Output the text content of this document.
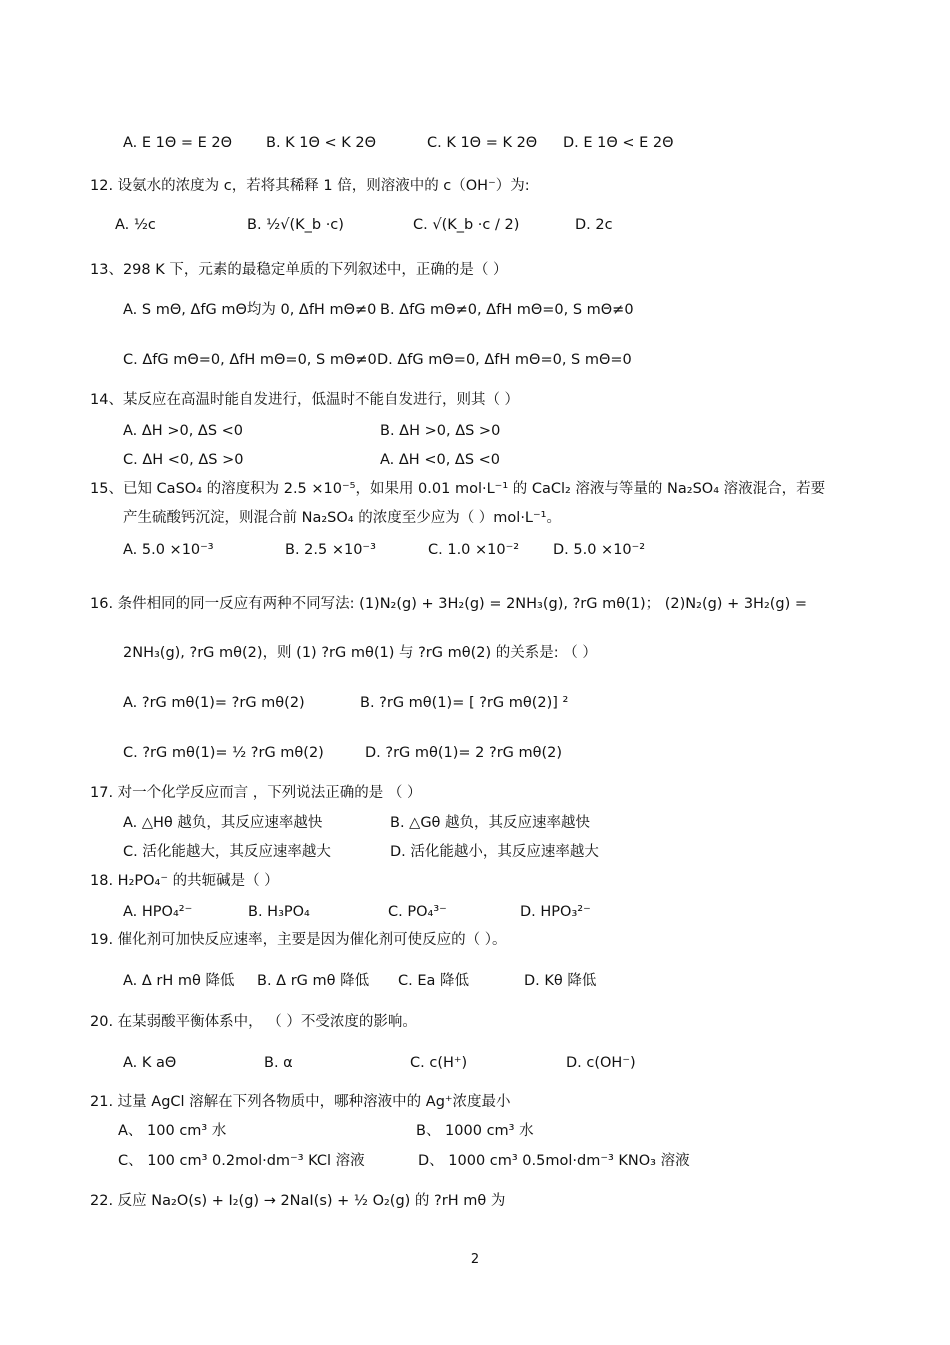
A. E 1Θ = E 2Θ B. K 1Θ < K 2Θ	C. K 1Θ = K 2Θ D. E 1Θ < E 2Θ
12. 设氨水的浓度为 c，若将其稀释 1 倍，则溶液中的 c（OH⁻）为:
A. ½c	B. ½√(K_b ·c)	C. √(K_b ·c / 2)	D. 2c
13、298 K 下，元素的最稳定单质的下列叙述中，正确的是（ ）
A. S mΘ, ΔfG mΘ均为 0, ΔfH mΘ≠0 B. ΔfG mΘ≠0, ΔfH mΘ=0, S mΘ≠0
C. ΔfG mΘ=0, ΔfH mΘ=0, S mΘ≠0 D. ΔfG mΘ=0, ΔfH mΘ=0, S mΘ=0
14、某反应在高温时能自发进行，低温时不能自发进行，则其（ ）
A. ΔH >0, ΔS <0	B. ΔH >0, ΔS >0
C. ΔH <0, ΔS >0	A. ΔH <0, ΔS <0
15、已知 CaSO₄ 的溶度积为 2.5 ×10⁻⁵，如果用 0.01 mol·L⁻¹ 的 CaCl₂ 溶液与等量的 Na₂SO₄ 溶液混合，若要
产生硫酸钙沉淀，则混合前 Na₂SO₄ 的浓度至少应为（ ）mol·L⁻¹。
A. 5.0 ×10⁻³	B. 2.5 ×10⁻³	C. 1.0 ×10⁻² D. 5.0 ×10⁻²
16. 条件相同的同一反应有两种不同写法: (1)N₂(g) + 3H₂(g) = 2NH₃(g), ?rG mθ(1)； (2)N₂(g) + 3H₂(g) =
2NH₃(g), ?rG mθ(2)，则 (1) ?rG mθ(1) 与 ?rG mθ(2) 的关系是: （ ）
A. ?rG mθ(1)= ?rG mθ(2)	B. ?rG mθ(1)= [ ?rG mθ(2)] ²
C. ?rG mθ(1)= ½ ?rG mθ(2)	D. ?rG mθ(1)= 2 ?rG mθ(2)
17. 对一个化学反应而言 ，下列说法正确的是 （ ）
A. △Hθ 越负，其反应速率越快	B. △Gθ 越负，其反应速率越快
C. 活化能越大，其反应速率越大	D. 活化能越小，其反应速率越大
18. H₂PO₄⁻ 的共轭碱是（ ）
A. HPO₄²⁻	B. H₃PO₄	C. PO₄³⁻	D. HPO₃²⁻
19. 催化剂可加快反应速率，主要是因为催化剂可使反应的（ ）。
A. Δ rH mθ 降低 B. Δ rG mθ 降低 C. Ea 降低	D. Kθ 降低
20. 在某弱酸平衡体系中， （ ）不受浓度的影响。
A. K aΘ	B. α	C. c(H⁺)	D. c(OH⁻)
21. 过量 AgCl 溶解在下列各物质中，哪种溶液中的 Ag⁺浓度最小
A、 100 cm³ 水	B、 1000 cm³ 水
C、 100 cm³ 0.2mol·dm⁻³ KCl 溶液	D、 1000 cm³ 0.5mol·dm⁻³ KNO₃ 溶液
22. 反应 Na₂O(s) + I₂(g) → 2NaI(s) + ½ O₂(g) 的 ?rH mθ 为
2
